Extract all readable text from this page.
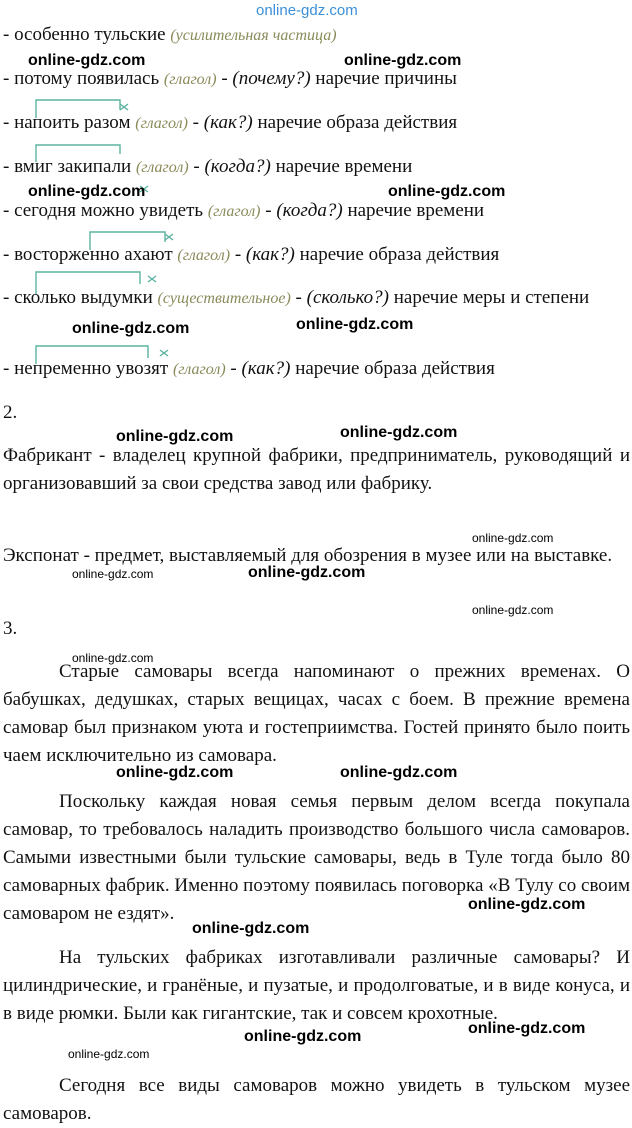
online-gdz.com
- особенно тульские (усилительная частица)
- потому появилась (глагол) - (почему?) наречие причины
- напоить разом (глагол) - (как?) наречие образа действия
- вмиг закипали (глагол) - (когда?) наречие времени
- сегодня можно увидеть (глагол) - (когда?) наречие времени
- восторженно ахают (глагол) - (как?) наречие образа действия
- сколько выдумки (существительное) - (сколько?) наречие меры и степени
- непременно увозят (глагол) - (как?) наречие образа действия
2.
Фабрикант - владелец крупной фабрики, предприниматель, руководящий и организовавший за свои средства завод или фабрику.
Экспонат - предмет, выставляемый для обозрения в музее или на выставке.
3.
Старые самовары всегда напоминают о прежних временах. О бабушках, дедушках, старых вещицах, часах с боем. В прежние времена самовар был признаком уюта и гостеприимства. Гостей принято было поить чаем исключительно из самовара.
Поскольку каждая новая семья первым делом всегда покупала самовар, то требовалось наладить производство большого числа самоваров. Самыми известными были тульские самовары, ведь в Туле тогда было 80 самоварных фабрик. Именно поэтому появилась поговорка «В Тулу со своим самоваром не ездят».
На тульских фабриках изготавливали различные самовары? И цилиндрические, и гранёные, и пузатые, и продолговатые, и в виде конуса, и в виде рюмки. Были как гигантские, так и совсем крохотные.
Сегодня все виды самоваров можно увидеть в тульском музее самоваров.
online-gdz.com	online-gdz.com
online-gdz.com	online-gdz.com
online-gdz.com	online-gdz.com
online-gdz.com	online-gdz.com
online-gdz.com
online-gdz.com	online-gdz.com
online-gdz.com
online-gdz.com
online-gdz.com	online-gdz.com
online-gdz.com
online-gdz.com
online-gdz.com
online-gdz.com
online-gdz.com
